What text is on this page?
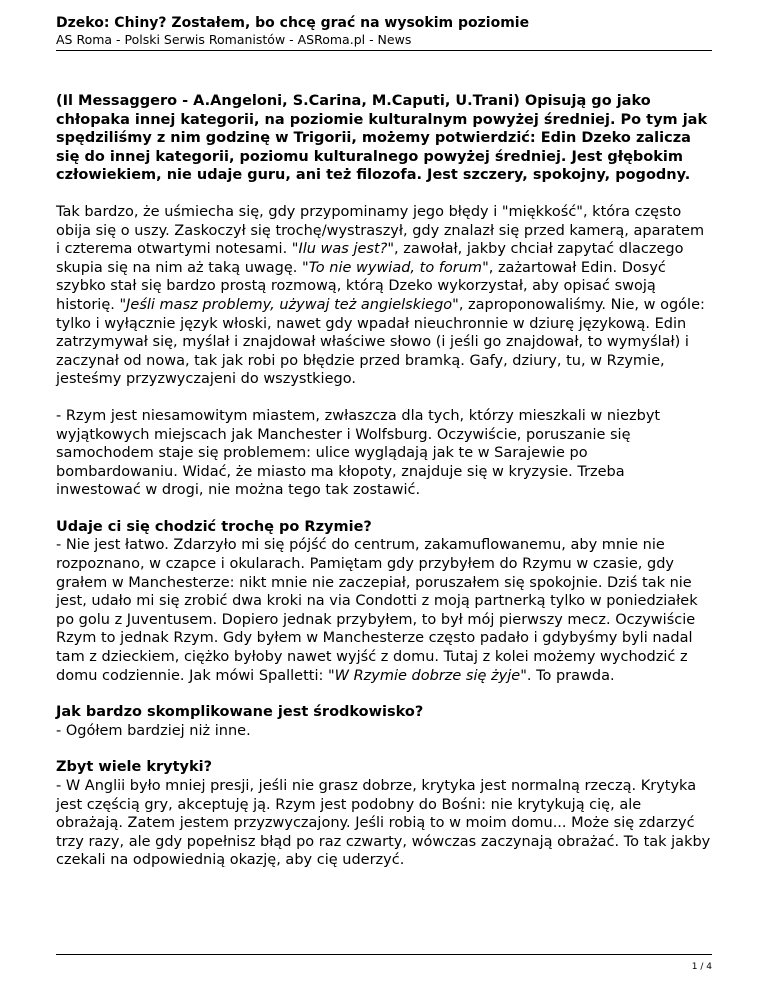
Dzeko: Chiny? Zostałem, bo chcę grać na wysokim poziomie
AS Roma - Polski Serwis Romanistów - ASRoma.pl - News

(Il Messaggero - A.Angeloni, S.Carina, M.Caputi, U.Trani) Opisują go jako chłopaka innej kategorii, na poziomie kulturalnym powyżej średniej. Po tym jak spędziliśmy z nim godzinę w Trigorii, możemy potwierdzić: Edin Dzeko zalicza się do innej kategorii, poziomu kulturalnego powyżej średniej. Jest głębokim człowiekiem, nie udaje guru, ani też filozofa. Jest szczery, spokojny, pogodny.

Tak bardzo, że uśmiecha się, gdy przypominamy jego błędy i "miękkość", która często obija się o uszy. Zaskoczył się trochę/wystraszył, gdy znalazł się przed kamerą, aparatem i czterema otwartymi notesami. "Ilu was jest?", zawołał, jakby chciał zapytać dlaczego skupia się na nim aż taką uwagę. "To nie wywiad, to forum", zażartował Edin. Dosyć szybko stał się bardzo prostą rozmową, którą Dzeko wykorzystał, aby opisać swoją historię. "Jeśli masz problemy, używaj też angielskiego", zaproponowaliśmy. Nie, w ogóle: tylko i wyłącznie język włoski, nawet gdy wpadał nieuchronnie w dziurę językową. Edin zatrzymywał się, myślał i znajdował właściwe słowo (i jeśli go znajdował, to wymyślał) i zaczynał od nowa, tak jak robi po błędzie przed bramką. Gafy, dziury, tu, w Rzymie, jesteśmy przyzwyczajeni do wszystkiego.

- Rzym jest niesamowitym miastem, zwłaszcza dla tych, którzy mieszkali w niezbyt wyjątkowych miejscach jak Manchester i Wolfsburg. Oczywiście, poruszanie się samochodem staje się problemem: ulice wyglądają jak te w Sarajewie po bombardowaniu. Widać, że miasto ma kłopoty, znajduje się w kryzysie. Trzeba inwestować w drogi, nie można tego tak zostawić.

Udaje ci się chodzić trochę po Rzymie?
- Nie jest łatwo. Zdarzyło mi się pójść do centrum, zakamuflowanemu, aby mnie nie rozpoznano, w czapce i okularach. Pamiętam gdy przybyłem do Rzymu w czasie, gdy grałem w Manchesterze: nikt mnie nie zaczepiał, poruszałem się spokojnie. Dziś tak nie jest, udało mi się zrobić dwa kroki na via Condotti z moją partnerką tylko w poniedziałek po golu z Juventusem. Dopiero jednak przybyłem, to był mój pierwszy mecz. Oczywiście Rzym to jednak Rzym. Gdy byłem w Manchesterze często padało i gdybyśmy byli nadal tam z dzieckiem, ciężko byłoby nawet wyjść z domu. Tutaj z kolei możemy wychodzić z domu codziennie. Jak mówi Spalletti: "W Rzymie dobrze się żyje". To prawda.

Jak bardzo skomplikowane jest środkowisko?
- Ogółem bardziej niż inne.

Zbyt wiele krytyki?
- W Anglii było mniej presji, jeśli nie grasz dobrze, krytyka jest normalną rzeczą. Krytyka jest częścią gry, akceptuję ją. Rzym jest podobny do Bośni: nie krytykują cię, ale obrażają. Zatem jestem przyzwyczajony. Jeśli robią to w moim domu... Może się zdarzyć trzy razy, ale gdy popełnisz błąd po raz czwarty, wówczas zaczynają obrażać. To tak jakby czekali na odpowiednią okazję, aby cię uderzyć.

1 / 4
